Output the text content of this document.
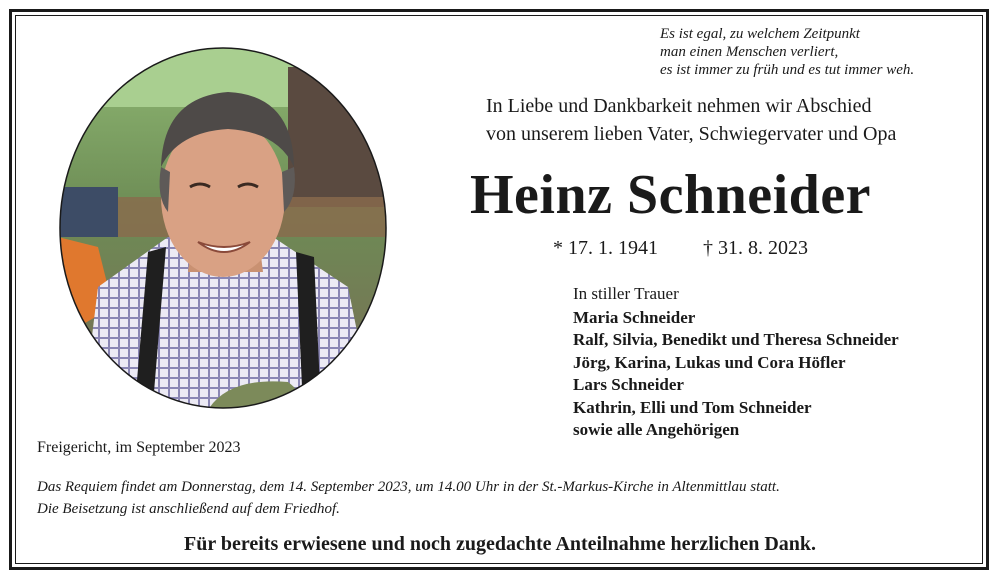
Es ist egal, zu welchem Zeitpunkt
man einen Menschen verliert,
es ist immer zu früh und es tut immer weh.
In Liebe und Dankbarkeit nehmen wir Abschied
von unserem lieben Vater, Schwiegervater und Opa
Heinz Schneider
* 17. 1. 1941 † 31. 8. 2023
In stiller Trauer
Maria Schneider
Ralf, Silvia, Benedikt und Theresa Schneider
Jörg, Karina, Lukas und Cora Höfler
Lars Schneider
Kathrin, Elli und Tom Schneider
sowie alle Angehörigen
Freigericht, im September 2023
Das Requiem findet am Donnerstag, dem 14. September 2023, um 14.00 Uhr in der St.-Markus-Kirche in Altenmittlau statt.
Die Beisetzung ist anschließend auf dem Friedhof.
Für bereits erwiesene und noch zugedachte Anteilnahme herzlichen Dank.
